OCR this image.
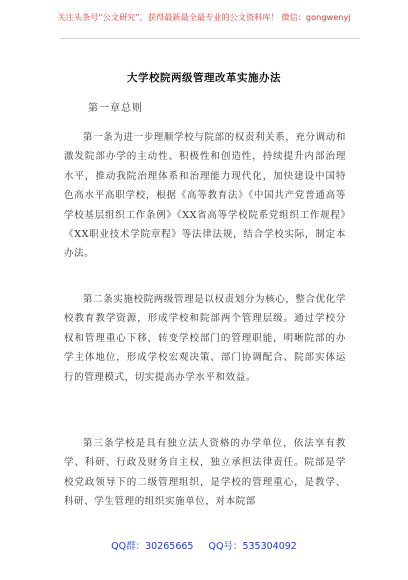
关注头条号“公文研究”，获得最新最全最专业的公文资料库！ 微信：gongwenyj
大学校院两级管理改革实施办法
第一章总则
第一条为进一步理顺学校与院部的权责利关系，充分调动和激发院部办学的主动性、积极性和创造性，持续提升内部治理水平，推动我院治理体系和治理能力现代化，加快建设中国特色高水平高职学校，根据《高等教育法》《中国共产党普通高等学校基层组织工作条例》《XX省高等学校院系党组织工作规程》《XX职业技术学院章程》等法律法规，结合学校实际，制定本办法。
第二条实施校院两级管理是以权责划分为核心，整合优化学校教育教学资源，形成学校和院部两个管理层级。通过学校分权和管理重心下移，转变学校部门的管理职能，明晰院部的办学主体地位，形成学校宏观决策、部门协调配合、院部实体运行的管理模式，切实提高办学水平和效益。
第三条学校是具有独立法人资格的办学单位，依法享有教学、科研、行政及财务自主权，独立承担法律责任。院部是学校党政领导下的二级管理组织，是学校的管理重心，是教学、科研、学生管理的组织实施单位，对本院部
QQ群：30265665 QQ号：535304092
